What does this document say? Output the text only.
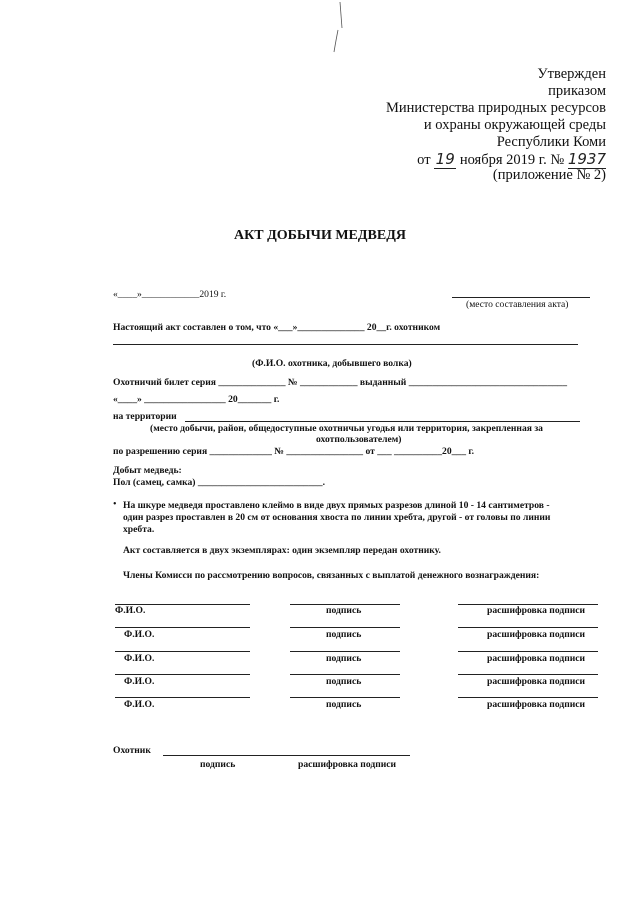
Утвержден
приказом
Министерства природных ресурсов
и охраны окружающей среды
Республики Коми
от 19 ноября 2019 г. № 1937
(приложение № 2)
АКТ ДОБЫЧИ МЕДВЕДЯ
«____»____________2019 г.
(место составления акта)
Настоящий акт составлен о том, что «___»______________ 20__г. охотником
(Ф.И.О. охотника, добывшего волка)
Охотничий билет серия ______________ № ____________ выданный _________________________________
«____» _________________ 20_______ г.
на территории
(место добычи, район, общедоступные охотничьи угодья или территория, закрепленная за
охотпользователем)
по разрешению серия _____________ № ________________ от ___ __________20___ г.
Добыт медведь:
Пол (самец, самка) __________________________.
• На шкуре медведя проставлено клеймо в виде двух прямых разрезов длиной 10 - 14 сантиметров -
один разрез проставлен в 20 см от основания хвоста по линии хребта, другой - от головы по линии
хребта.
Акт составляется в двух экземплярах: один экземпляр передан охотнику.
Члены Комисси по рассмотрению вопросов, связанных с выплатой денежного вознаграждения:
Ф.И.О.	подпись	расшифровка подписи
Ф.И.О.	подпись	расшифровка подписи
Ф.И.О.	подпись	расшифровка подписи
Ф.И.О.	подпись	расшифровка подписи
Ф.И.О.	подпись	расшифровка подписи
Охотник
подпись	расшифровка подписи
